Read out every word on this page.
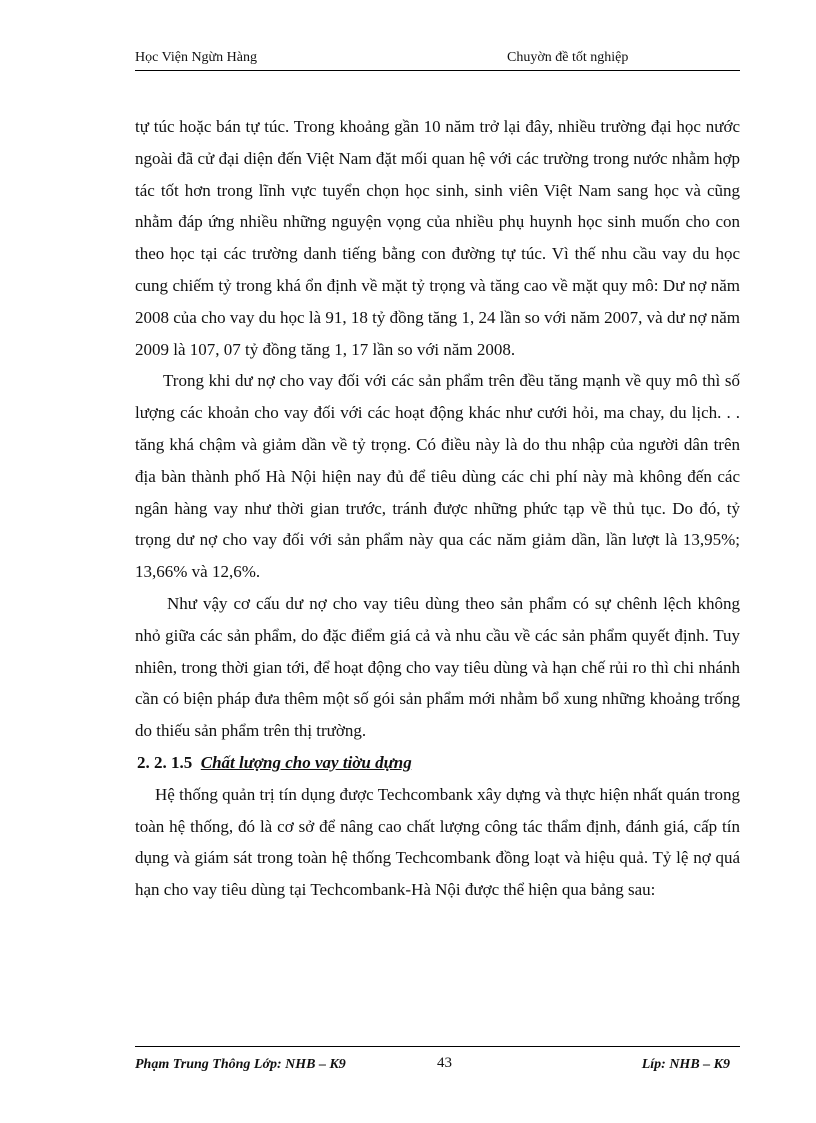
Học Viện Ngừn Hàng	Chuyờn đề tốt nghiệp

tự túc hoặc bán tự túc. Trong khoảng gần 10 năm trở lại đây, nhiều trường đại học nước ngoài đã cử đại diện đến Việt Nam đặt mối quan hệ với các trường trong nước nhằm hợp tác tốt hơn trong lĩnh vực tuyển chọn học sinh, sinh viên Việt Nam sang học và cũng nhằm đáp ứng nhiều những nguyện vọng của nhiều phụ huynh học sinh muốn cho con theo học tại các trường danh tiếng bằng con đường tự túc. Vì thế nhu cầu vay du học cung chiếm tỷ trong khá ổn định về mặt tỷ trọng và tăng cao về mặt quy mô: Dư nợ năm 2008 của cho vay du học là 91, 18 tỷ đồng tăng 1, 24 lần so với năm 2007, và dư nợ năm 2009 là 107, 07 tỷ đồng tăng 1, 17 lần so với năm 2008.

Trong khi dư nợ cho vay đối với các sản phẩm trên đều tăng mạnh về quy mô thì số lượng các khoản cho vay đối với các hoạt động khác như cưới hỏi, ma chay, du lịch. . . tăng khá chậm và giảm dần về tỷ trọng. Có điều này là do thu nhập của người dân trên địa bàn thành phố Hà Nội hiện nay đủ để tiêu dùng các chi phí này mà không đến các ngân hàng vay như thời gian trước, tránh được những phức tạp về thủ tục. Do đó, tỷ trọng dư nợ cho vay đối với sản phẩm này qua các năm giảm dần, lần lượt là 13,95%; 13,66% và 12,6%.

Như vậy cơ cấu dư nợ cho vay tiêu dùng theo sản phẩm có sự chênh lệch không nhỏ giữa các sản phẩm, do đặc điểm giá cả và nhu cầu về các sản phẩm quyết định. Tuy nhiên, trong thời gian tới, để hoạt động cho vay tiêu dùng và hạn chế rủi ro thì chi nhánh cần có biện pháp đưa thêm một số gói sản phẩm mới nhằm bổ xung những khoảng trống do thiếu sản phẩm trên thị trường.

2. 2. 1.5 Chất lượng cho vay tiờu dựng

Hệ thống quản trị tín dụng được Techcombank xây dựng và thực hiện nhất quán trong toàn hệ thống, đó là cơ sở để nâng cao chất lượng công tác thẩm định, đánh giá, cấp tín dụng và giám sát trong toàn hệ thống Techcombank đồng loạt và hiệu quả. Tỷ lệ nợ quá hạn cho vay tiêu dùng tại Techcombank-Hà Nội được thể hiện qua bảng sau:

Phạm Trung Thông Lớp: NHB – K9	43	Líp: NHB – K9
